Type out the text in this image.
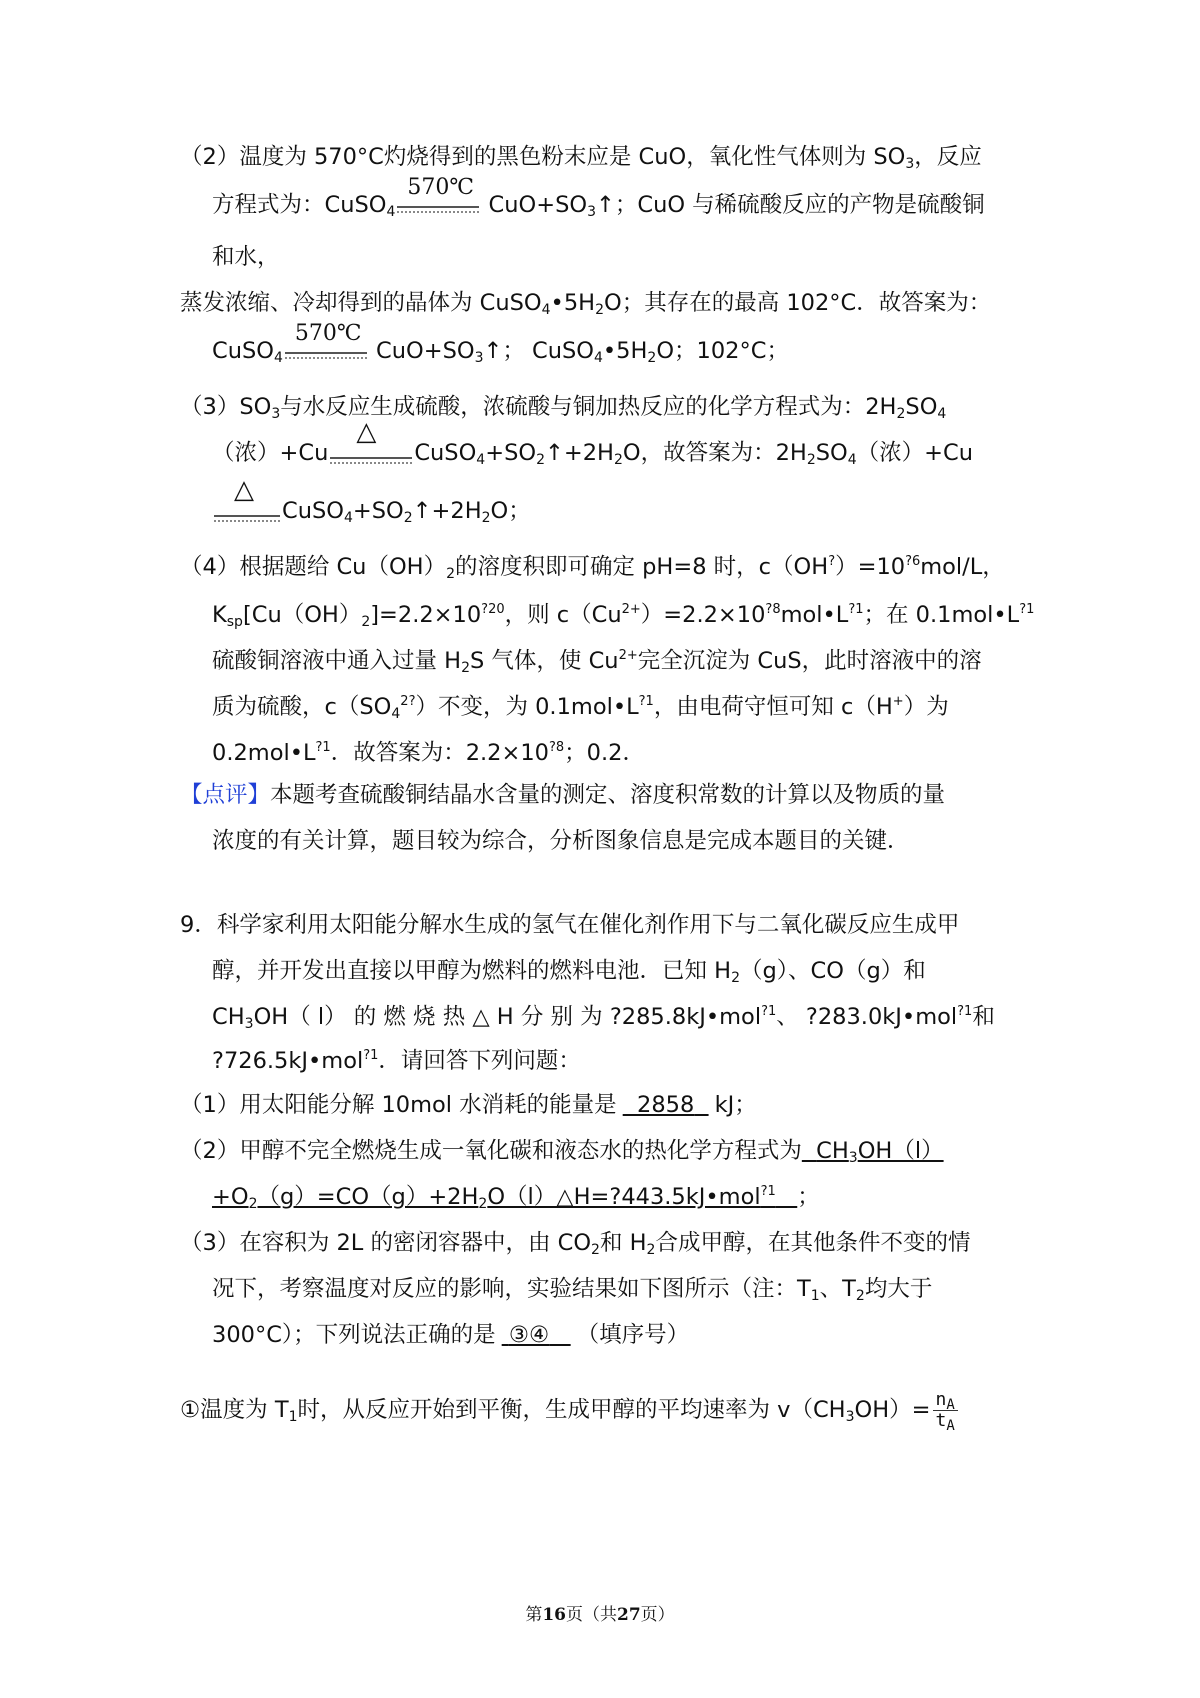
（2）温度为 570°C灼烧得到的黑色粉末应是 CuO，氧化性气体则为 $SO_3$，反应
方程式为：CuSO$_4$
570℃
$CuO+SO_3↑$；CuO 与稀硫酸反应的产物是硫酸铜
和水，
蒸发浓缩、冷却得到的晶体为 $CuSO_4•5H_2O$；其存在的最高 102°C．故答案为：
CuSO$_4$
570℃
$CuO+SO_3↑$； $CuSO_4•5H_2O$；102°C；
$(3)SO_3$与水反应生成硫酸，浓硫酸与铜加热反应的化学方程式为：$2H_2SO_4$
（浓）+Cu
△
$CuSO_4+SO_2↑+2H_2O$，故答案为：$2H_2SO_4$（浓）+Cu
△
$CuSO_4+SO_2↑+2H_2O$；
（4）根据题给 $Cu(OH)_2$的溶度积即可确定 pH=8 时，$c(OH^?)=10^{?6}mol/L$，
$K_{sp}[Cu(OH)_2]=2.2\times 10^{?20}$，则 $c(Cu^{2+})=2.2\times 10^{?8}mol•L^{?1}$；在 $0.1mol•L^{?1}$
硫酸铜溶液中通入过量 $H_2S$ 气体，使 $Cu^{2+}$完全沉淀为 CuS，此时溶液中的溶
质为硫酸，$c(SO_4^{2?})$不变，为 $0.1mol•L^{?1}$，由电荷守恒可知 c（H+）为
$0.2mol•L^{?1}$．故答案为：$2.2\times 10^{?8}$；0.2．
【点评】本题考查硫酸铜结晶水含量的测定、溶度积常数的计算以及物质的量
浓度的有关计算，题目较为综合，分析图象信息是完成本题目的关键．
9．科学家利用太阳能分解水生成的氢气在催化剂作用下与二氧化碳反应生成甲
醇，并开发出直接以甲醇为燃料的燃料电池．已知 $H_2(g)$、CO（g）和
$CH_3OH$（ l） 的 燃 烧 热 △ H 分 别 为 ?285.8kJ•mol$^{?1}$、 ?283.0kJ•mol$^{?1}$和
?726.5kJ•mol$^{?1}$．请回答下列问题：
（1）用太阳能分解 10mol 水消耗的能量是 2858 kJ；
（2）甲醇不完全燃烧生成一氧化碳和液态水的热化学方程式为 $CH_3OH(l)$
$+O_2(g)=CO(g)+2H_2O(l)\triangle H=?443.5kJ•mol^{?1}$ ；
（3）在容积为 2L 的密闭容器中，由 $CO_2$和 $H_2$合成甲醇，在其他条件不变的情
况下，考察温度对反应的影响，实验结果如下图所示（注：$T_1$、$T_2$均大于
300°C）；下列说法正确的是 ③④ （填序号）
①温度为 $T_1$时，从反应开始到平衡，生成甲醇的平均速率为 $v(CH_3OH)= \frac{n_A}{t_A}$
第16页（共27页）
